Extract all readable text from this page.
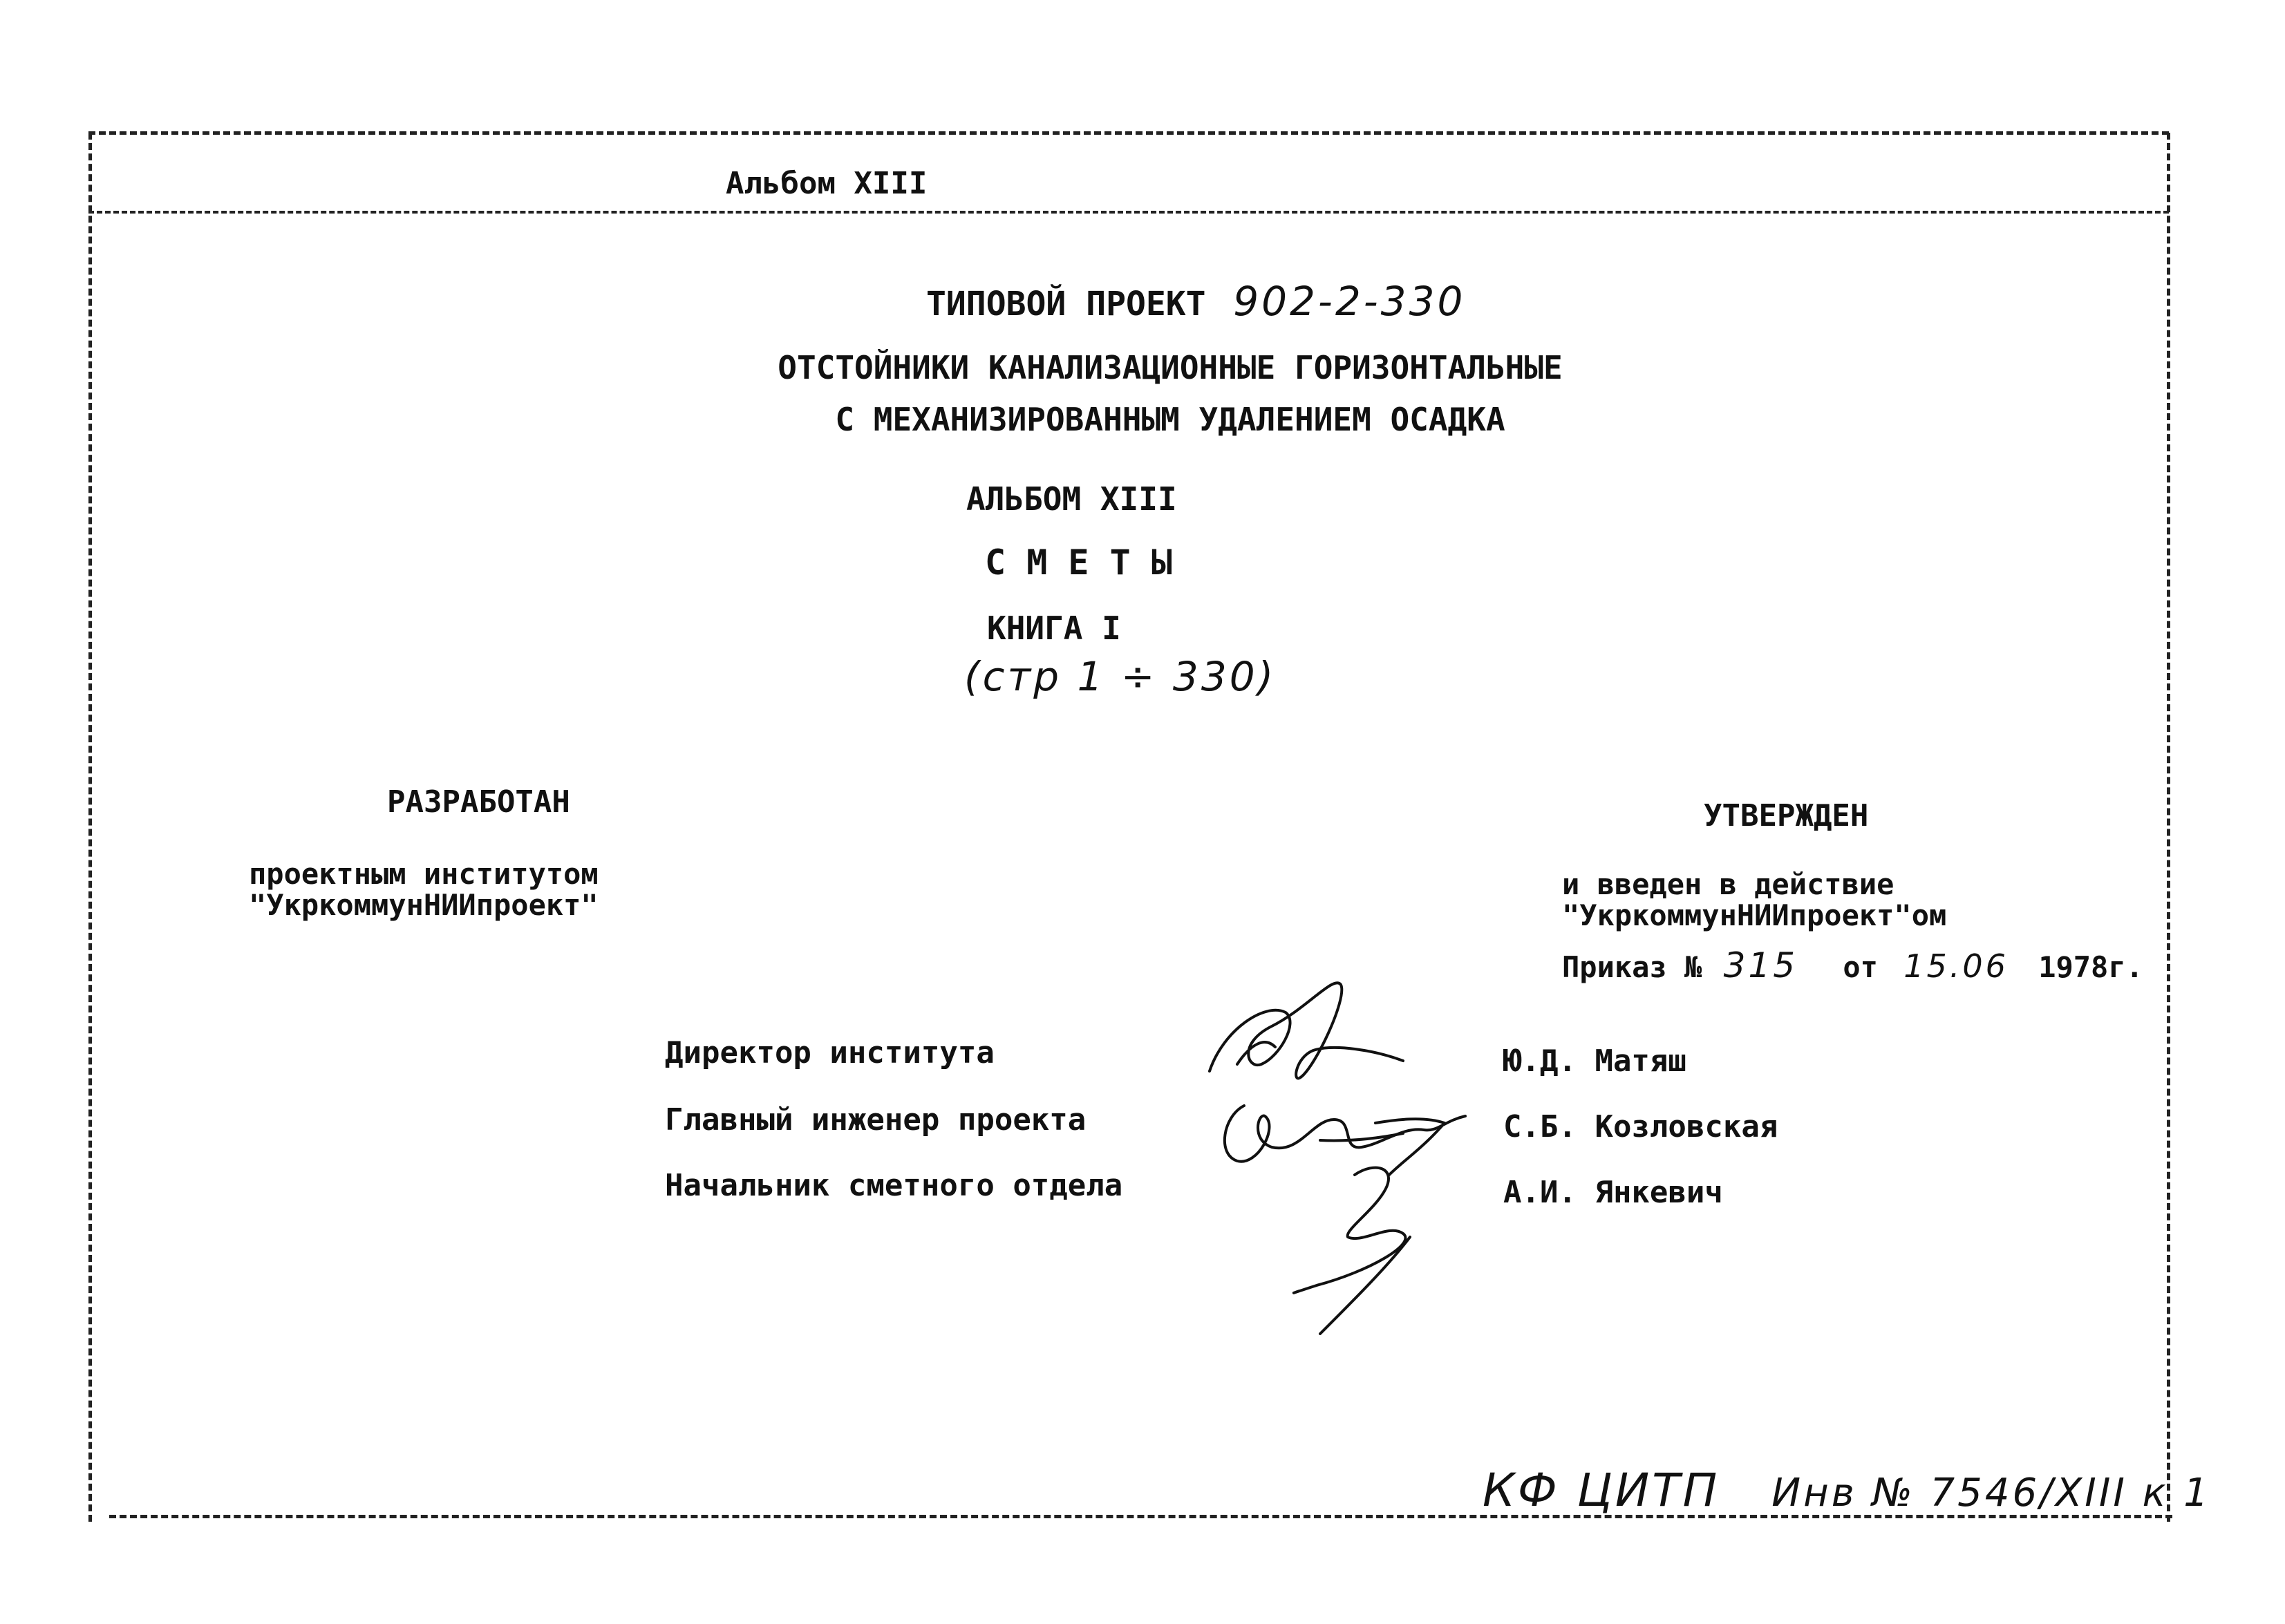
Альбом XIII
ТИПОВОЙ ПРОЕКТ 902-2-330
ОТСТОЙНИКИ КАНАЛИЗАЦИОННЫЕ ГОРИЗОНТАЛЬНЫЕ
С МЕХАНИЗИРОВАННЫМ УДАЛЕНИЕМ ОСАДКА
АЛЬБОМ XIII
С М Е Т Ы
КНИГА I
(стр 1 ÷ 330)
РАЗРАБОТАН
проектным институтом
"УкркоммунНИИпроект"
УТВЕРЖДЕН
и введен в действие
"УкркоммунНИИпроект"ом
Приказ № 315 от 15.06 1978г.
Директор института
Главный инженер проекта
Начальник сметного отдела
Ю.Д. Матяш
С.Б. Козловская
А.И. Янкевич
КФ ЦИТП Инв № 7546/XIII к 1
